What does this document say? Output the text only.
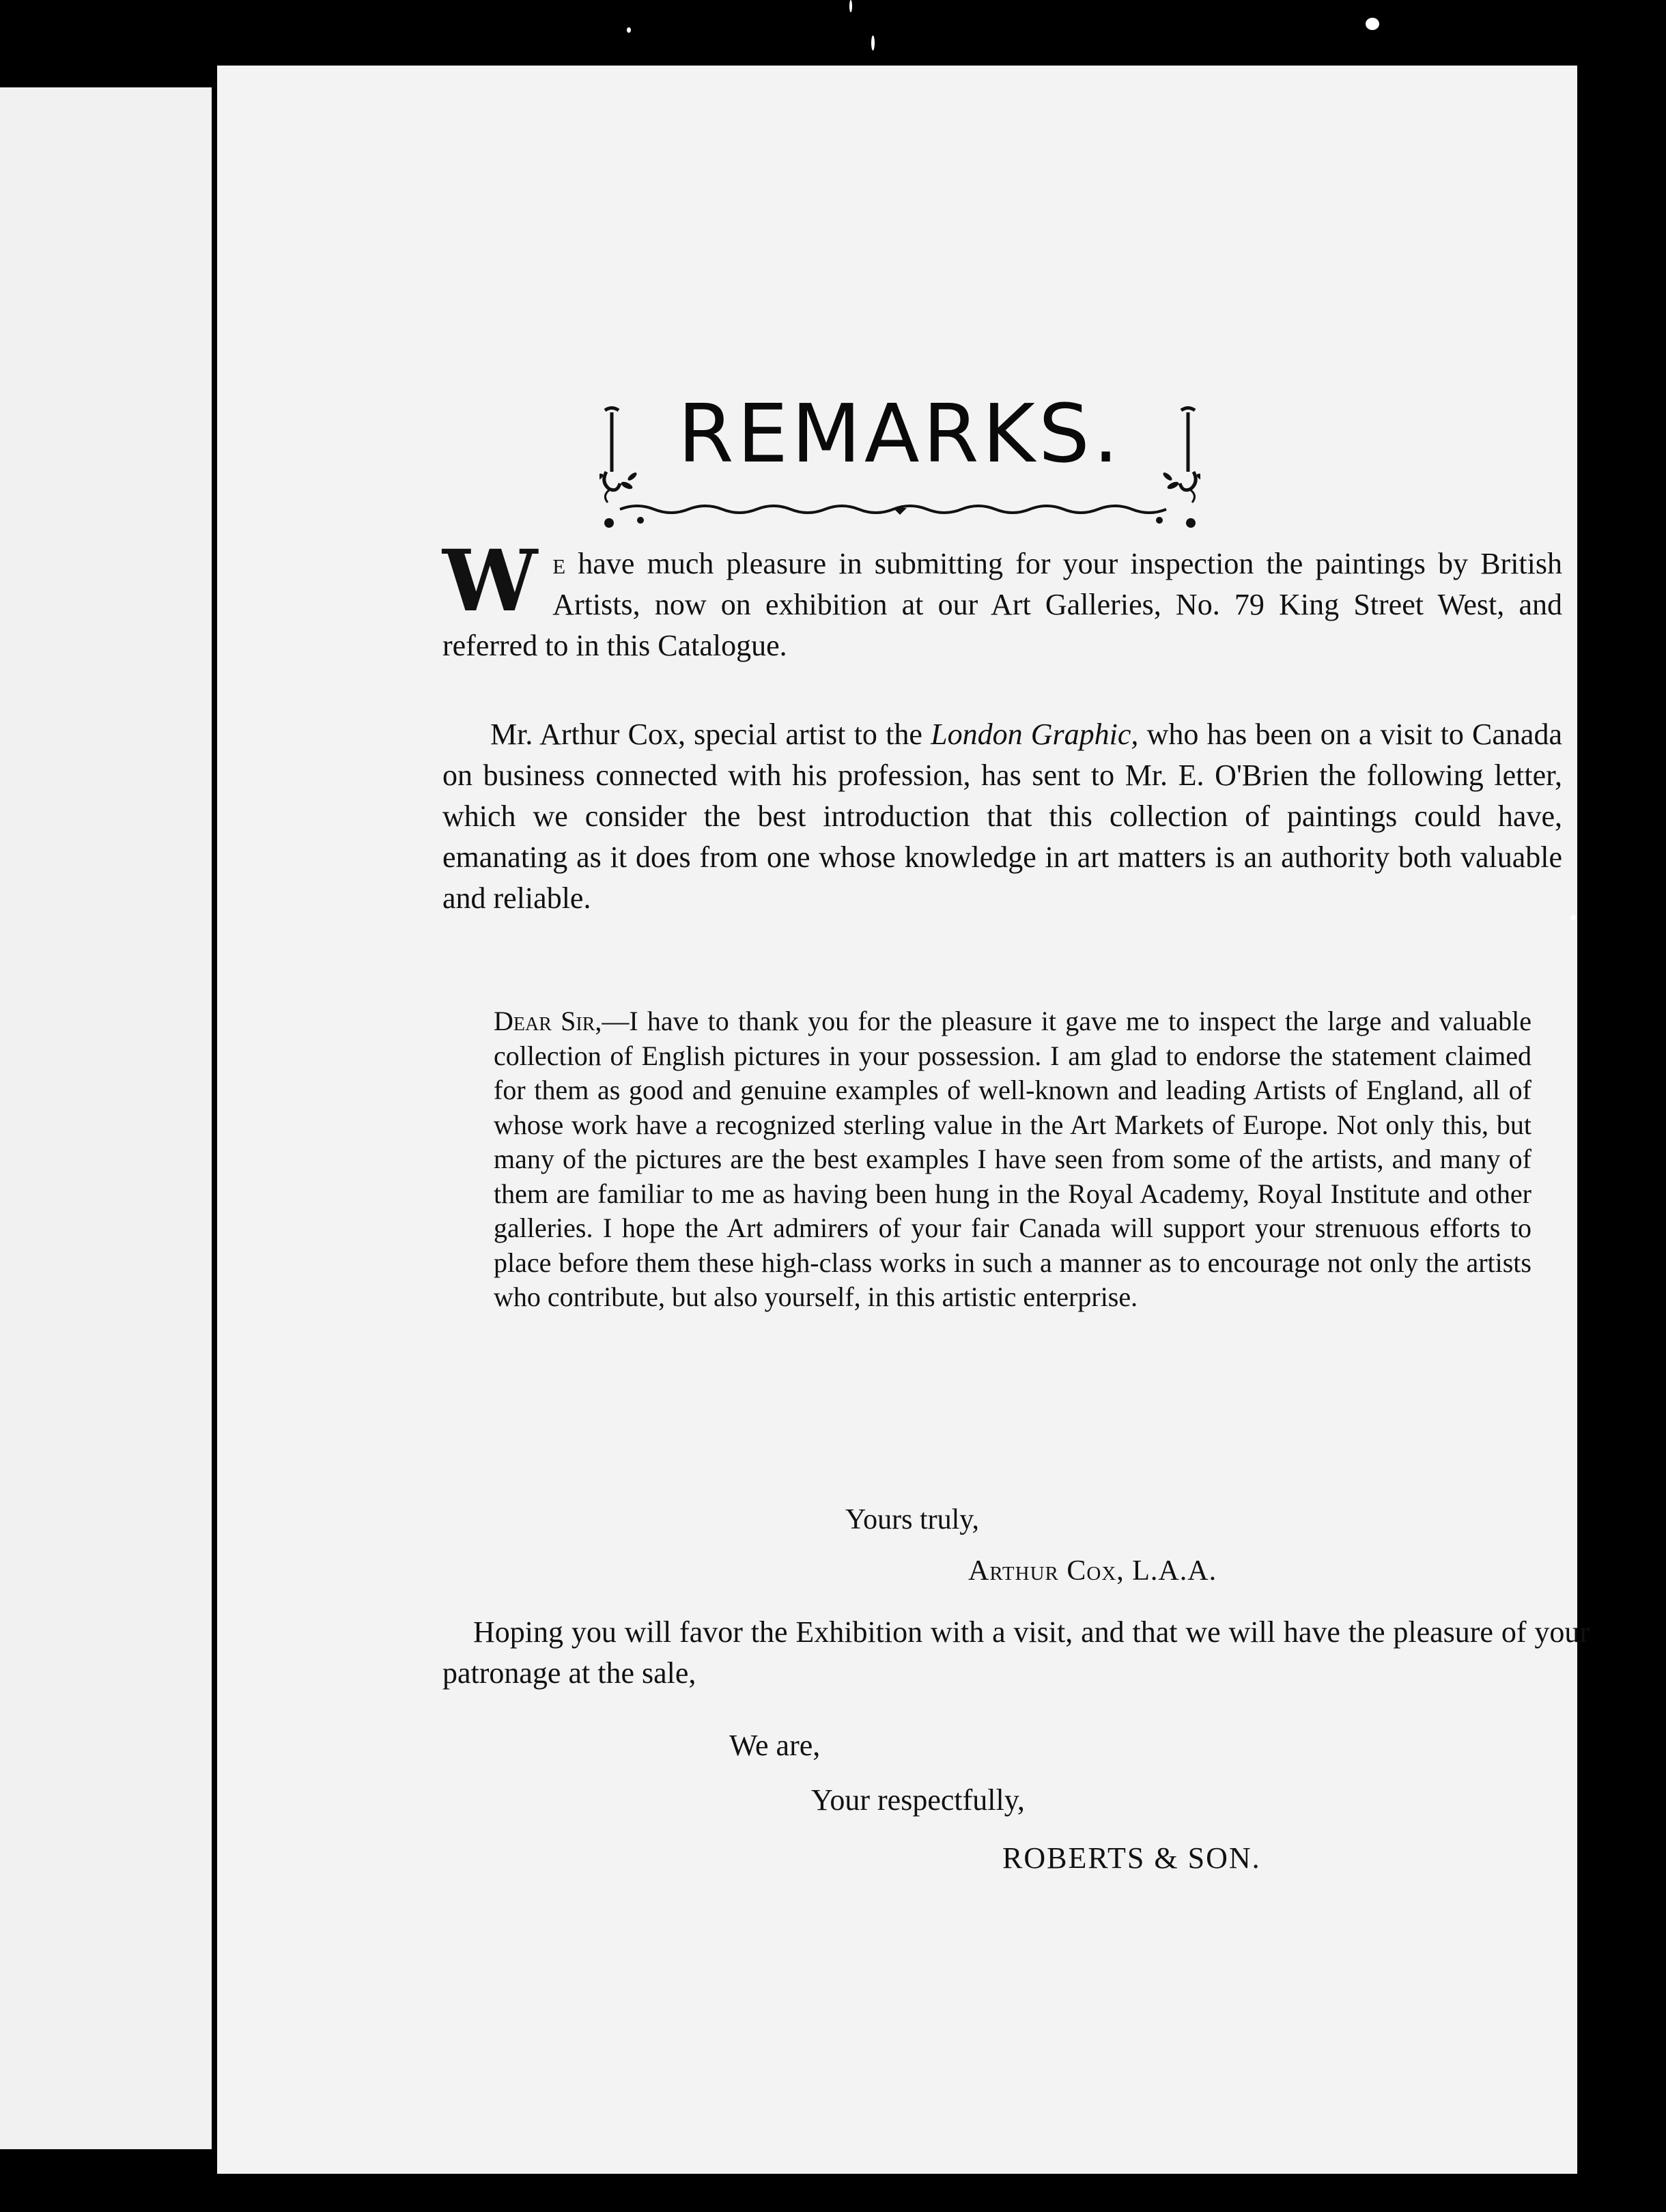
REMARKS.
We have much pleasure in submitting for your inspection the paintings by British Artists, now on exhibition at our Art Galleries, No. 79 King Street West, and referred to in this Catalogue.
Mr. Arthur Cox, special artist to the London Graphic, who has been on a visit to Canada on business connected with his profession, has sent to Mr. E. O'Brien the following letter, which we consider the best introduction that this collection of paintings could have, emanating as it does from one whose knowledge in art matters is an authority both valuable and reliable.
Dear Sir,—I have to thank you for the pleasure it gave me to inspect the large and valuable collection of English pictures in your possession. I am glad to endorse the statement claimed for them as good and genuine examples of well-known and leading Artists of England, all of whose work have a recognized sterling value in the Art Markets of Europe. Not only this, but many of the pictures are the best examples I have seen from some of the artists, and many of them are familiar to me as having been hung in the Royal Academy, Royal Institute and other galleries. I hope the Art admirers of your fair Canada will support your strenuous efforts to place before them these high-class works in such a manner as to encourage not only the artists who contribute, but also yourself, in this artistic enterprise.
Yours truly,
Arthur Cox, L.A.A.
Hoping you will favor the Exhibition with a visit, and that we will have the pleasure of your patronage at the sale,
We are,
Your respectfully,
ROBERTS & SON.
